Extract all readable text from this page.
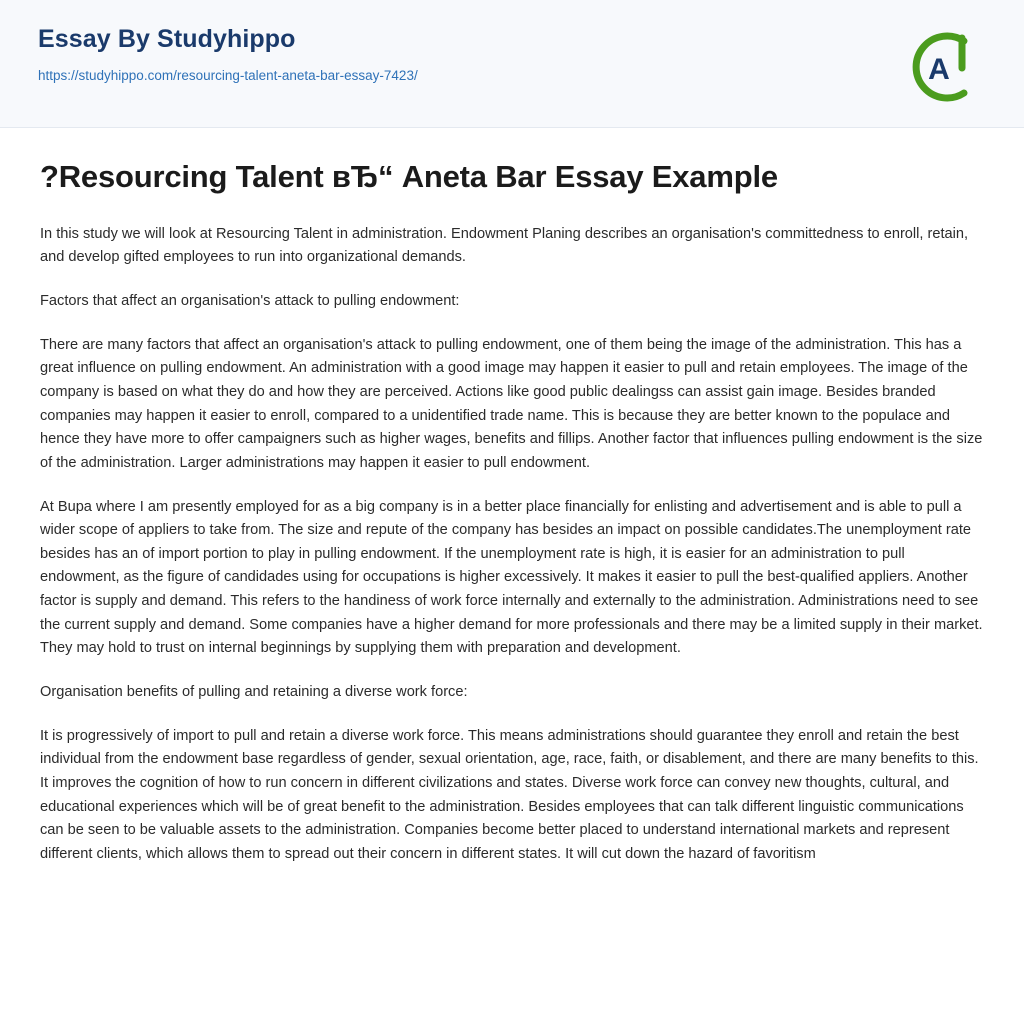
Essay By Studyhippo
https://studyhippo.com/resourcing-talent-aneta-bar-essay-7423/	A
?Resourcing Talent вЂ“ Aneta Bar Essay Example

In this study we will look at Resourcing Talent in administration. Endowment Planing describes an organisation's committedness to enroll, retain, and develop gifted employees to run into organizational demands.

Factors that affect an organisation's attack to pulling endowment:

There are many factors that affect an organisation's attack to pulling endowment, one of them being the image of the administration. This has a great influence on pulling endowment. An administration with a good image may happen it easier to pull and retain employees. The image of the company is based on what they do and how they are perceived. Actions like good public dealingss can assist gain image. Besides branded companies may happen it easier to enroll, compared to a unidentified trade name. This is because they are better known to the populace and hence they have more to offer campaigners such as higher wages, benefits and fillips. Another factor that influences pulling endowment is the size of the administration. Larger administrations may happen it easier to pull endowment.

At Bupa where I am presently employed for as a big company is in a better place financially for enlisting and advertisement and is able to pull a wider scope of appliers to take from. The size and repute of the company has besides an impact on possible candidates.The unemployment rate besides has an of import portion to play in pulling endowment. If the unemployment rate is high, it is easier for an administration to pull endowment, as the figure of candidades using for occupations is higher excessively. It makes it easier to pull the best-qualified appliers. Another factor is supply and demand. This refers to the handiness of work force internally and externally to the administration. Administrations need to see the current supply and demand. Some companies have a higher demand for more professionals and there may be a limited supply in their market. They may hold to trust on internal beginnings by supplying them with preparation and development.

Organisation benefits of pulling and retaining a diverse work force:

It is progressively of import to pull and retain a diverse work force. This means administrations should guarantee they enroll and retain the best individual from the endowment base regardless of gender, sexual orientation, age, race, faith, or disablement, and there are many benefits to this. It improves the cognition of how to run concern in different civilizations and states. Diverse work force can convey new thoughts, cultural, and educational experiences which will be of great benefit to the administration. Besides employees that can talk different linguistic communications can be seen to be valuable assets to the administration. Companies become better placed to understand international markets and represent different clients, which allows them to spread out their concern in different states. It will cut down the hazard of favoritism
